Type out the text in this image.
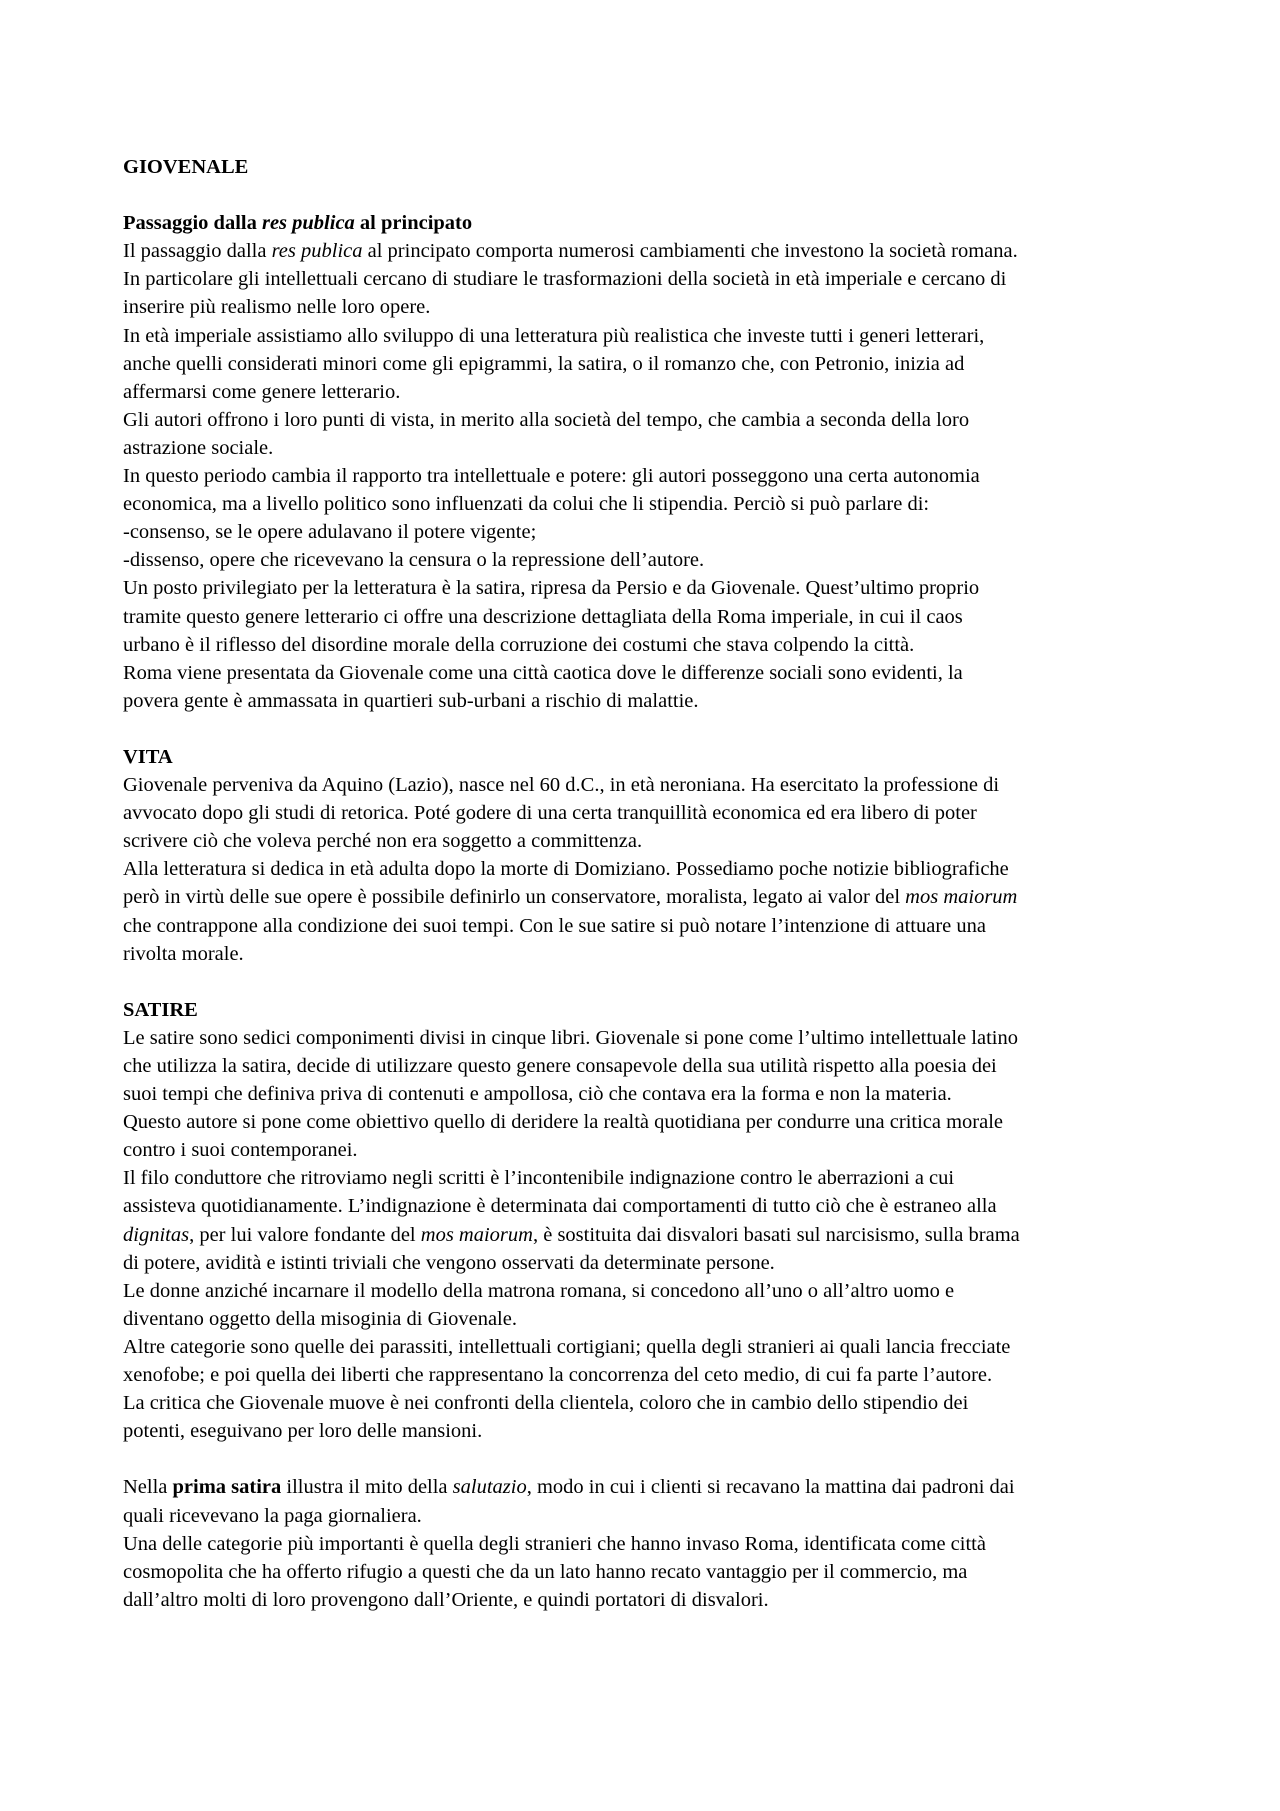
GIOVENALE
Passaggio dalla res publica al principato
Il passaggio dalla res publica al principato comporta numerosi cambiamenti che investono la società romana.
In particolare gli intellettuali cercano di studiare le trasformazioni della società in età imperiale e cercano di
inserire più realismo nelle loro opere.
In età imperiale assistiamo allo sviluppo di una letteratura più realistica che investe tutti i generi letterari,
anche quelli considerati minori come gli epigrammi, la satira, o il romanzo che, con Petronio, inizia ad
affermarsi come genere letterario.
Gli autori offrono i loro punti di vista, in merito alla società del tempo, che cambia a seconda della loro
astrazione sociale.
In questo periodo cambia il rapporto tra intellettuale e potere: gli autori posseggono una certa autonomia
economica, ma a livello politico sono influenzati da colui che li stipendia. Perciò si può parlare di:
-consenso, se le opere adulavano il potere vigente;
-dissenso, opere che ricevevano la censura o la repressione dell’autore.
Un posto privilegiato per la letteratura è la satira, ripresa da Persio e da Giovenale. Quest’ultimo proprio
tramite questo genere letterario ci offre una descrizione dettagliata della Roma imperiale, in cui il caos
urbano è il riflesso del disordine morale della corruzione dei costumi che stava colpendo la città.
Roma viene presentata da Giovenale come una città caotica dove le differenze sociali sono evidenti, la
povera gente è ammassata in quartieri sub-urbani a rischio di malattie.
VITA
Giovenale perveniva da Aquino (Lazio), nasce nel 60 d.C., in età neroniana. Ha esercitato la professione di
avvocato dopo gli studi di retorica. Poté godere di una certa tranquillità economica ed era libero di poter
scrivere ciò che voleva perché non era soggetto a committenza.
Alla letteratura si dedica in età adulta dopo la morte di Domiziano. Possediamo poche notizie bibliografiche
però in virtù delle sue opere è possibile definirlo un conservatore, moralista, legato ai valor del mos maiorum
che contrappone alla condizione dei suoi tempi. Con le sue satire si può notare l’intenzione di attuare una
rivolta morale.
SATIRE
Le satire sono sedici componimenti divisi in cinque libri. Giovenale si pone come l’ultimo intellettuale latino
che utilizza la satira, decide di utilizzare questo genere consapevole della sua utilità rispetto alla poesia dei
suoi tempi che definiva priva di contenuti e ampollosa, ciò che contava era la forma e non la materia.
Questo autore si pone come obiettivo quello di deridere la realtà quotidiana per condurre una critica morale
contro i suoi contemporanei.
Il filo conduttore che ritroviamo negli scritti è l’incontenibile indignazione contro le aberrazioni a cui
assisteva quotidianamente. L’indignazione è determinata dai comportamenti di tutto ciò che è estraneo alla
dignitas, per lui valore fondante del mos maiorum, è sostituita dai disvalori basati sul narcisismo, sulla brama
di potere, avidità e istinti triviali che vengono osservati da determinate persone.
Le donne anziché incarnare il modello della matrona romana, si concedono all’uno o all’altro uomo e
diventano oggetto della misoginia di Giovenale.
Altre categorie sono quelle dei parassiti, intellettuali cortigiani; quella degli stranieri ai quali lancia frecciate
xenofobe; e poi quella dei liberti che rappresentano la concorrenza del ceto medio, di cui fa parte l’autore.
La critica che Giovenale muove è nei confronti della clientela, coloro che in cambio dello stipendio dei
potenti, eseguivano per loro delle mansioni.
Nella prima satira illustra il mito della salutazio, modo in cui i clienti si recavano la mattina dai padroni dai
quali ricevevano la paga giornaliera.
Una delle categorie più importanti è quella degli stranieri che hanno invaso Roma, identificata come città
cosmopolita che ha offerto rifugio a questi che da un lato hanno recato vantaggio per il commercio, ma
dall’altro molti di loro provengono dall’Oriente, e quindi portatori di disvalori.
